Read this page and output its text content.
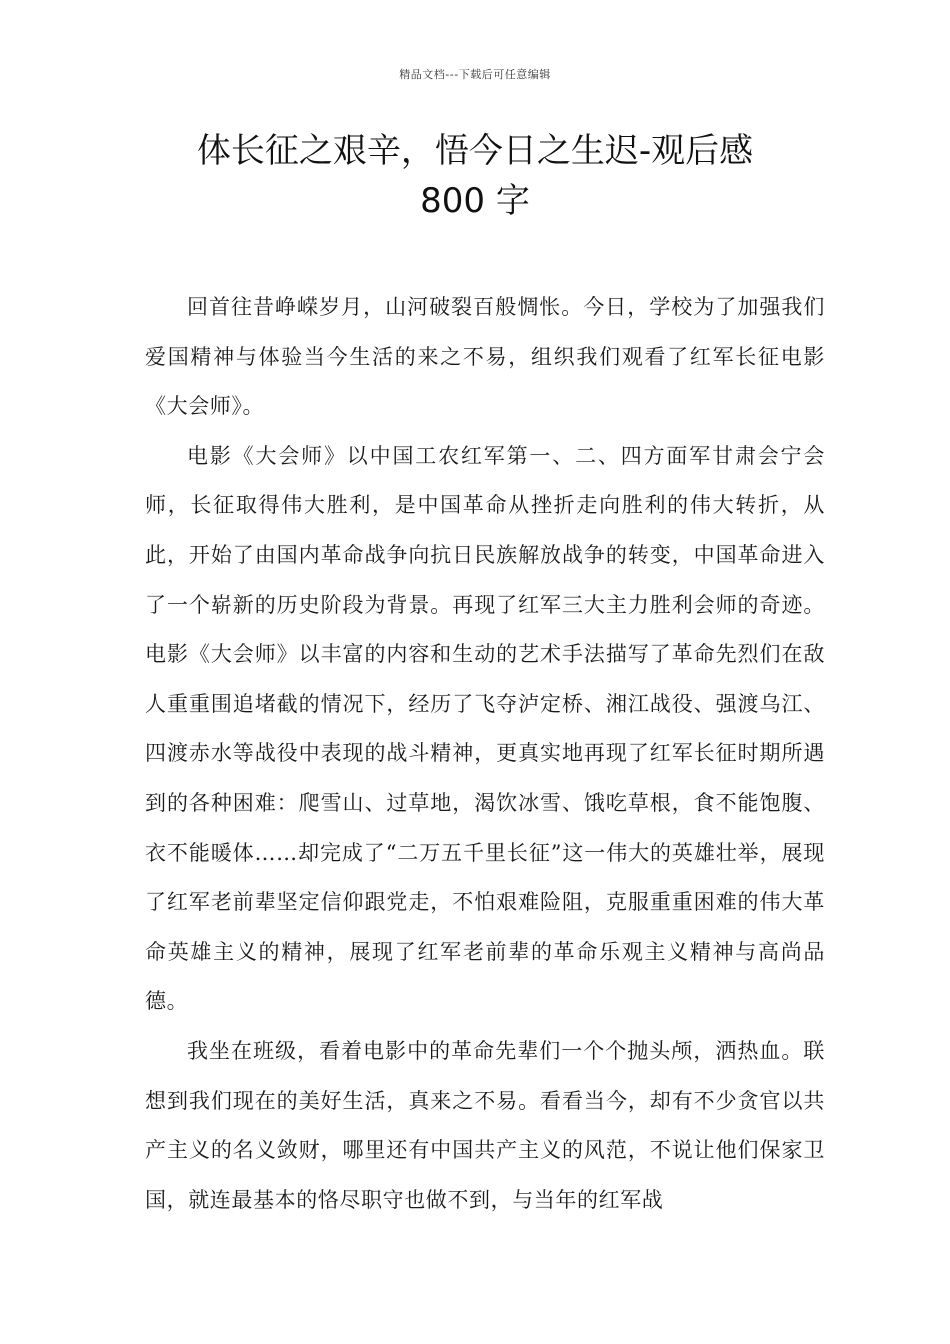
精品文档---下载后可任意编辑
体长征之艰辛，悟今日之生迟-观后感
800 字

回首往昔峥嵘岁月，山河破裂百般惆怅。今日，学校为了加强我们爱国精神与体验当今生活的来之不易，组织我们观看了红军长征电影《大会师》。

电影《大会师》以中国工农红军第一、二、四方面军甘肃会宁会师，长征取得伟大胜利，是中国革命从挫折走向胜利的伟大转折，从此，开始了由国内革命战争向抗日民族解放战争的转变，中国革命进入了一个崭新的历史阶段为背景。再现了红军三大主力胜利会师的奇迹。电影《大会师》以丰富的内容和生动的艺术手法描写了革命先烈们在敌人重重围追堵截的情况下，经历了飞夺泸定桥、湘江战役、强渡乌江、四渡赤水等战役中表现的战斗精神，更真实地再现了红军长征时期所遇到的各种困难：爬雪山、过草地，渴饮冰雪、饿吃草根，食不能饱腹、衣不能暖体……却完成了“二万五千里长征”这一伟大的英雄壮举，展现了红军老前辈坚定信仰跟党走，不怕艰难险阻，克服重重困难的伟大革命英雄主义的精神，展现了红军老前辈的革命乐观主义精神与高尚品德。

我坐在班级，看着电影中的革命先辈们一个个抛头颅，洒热血。联想到我们现在的美好生活，真来之不易。看看当今，却有不少贪官以共产主义的名义敛财，哪里还有中国共产主义的风范，不说让他们保家卫国，就连最基本的恪尽职守也做不到，与当年的红军战
